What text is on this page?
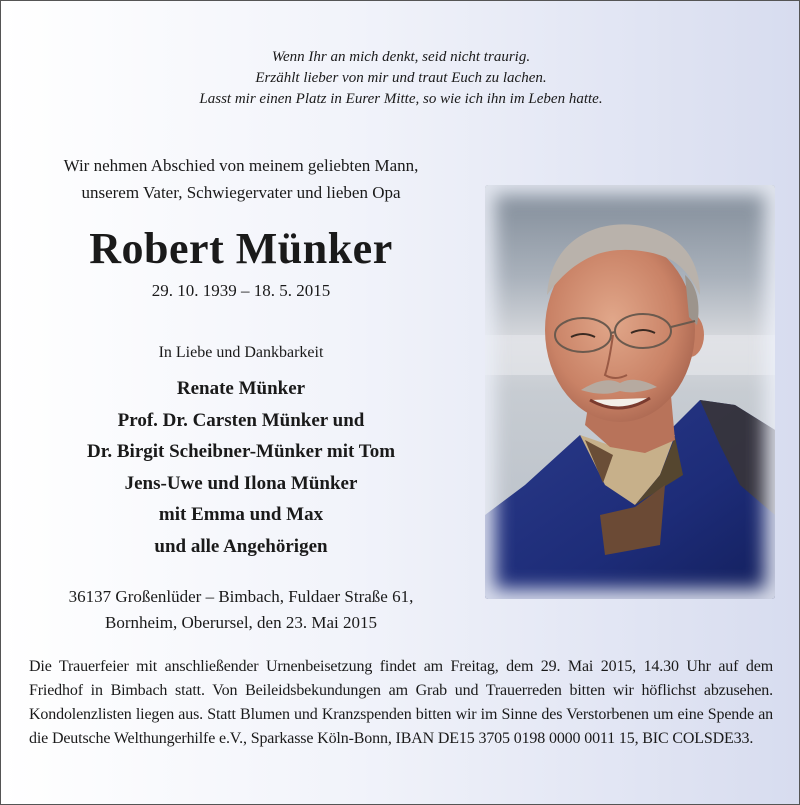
Wenn Ihr an mich denkt, seid nicht traurig.
Erzählt lieber von mir und traut Euch zu lachen.
Lasst mir einen Platz in Eurer Mitte, so wie ich ihn im Leben hatte.
Wir nehmen Abschied von meinem geliebten Mann,
unserem Vater, Schwiegervater und lieben Opa
Robert Münker
29. 10. 1939 – 18. 5. 2015
In Liebe und Dankbarkeit
Renate Münker
Prof. Dr. Carsten Münker und
Dr. Birgit Scheibner-Münker mit Tom
Jens-Uwe und Ilona Münker
mit Emma und Max
und alle Angehörigen
36137 Großenlüder – Bimbach, Fuldaer Straße 61,
Bornheim, Oberursel, den 23. Mai 2015
Die Trauerfeier mit anschließender Urnenbeisetzung findet am Freitag, dem 29. Mai 2015, 14.30 Uhr auf dem Friedhof in Bimbach statt. Von Beileidsbekundungen am Grab und Trauerreden bitten wir höflichst abzusehen. Kondolenzlisten liegen aus. Statt Blumen und Kranzspenden bitten wir im Sinne des Verstorbenen um eine Spende an die Deutsche Welthungerhilfe e.V., Sparkasse Köln-Bonn, IBAN DE15 3705 0198 0000 0011 15, BIC COLSDE33.
